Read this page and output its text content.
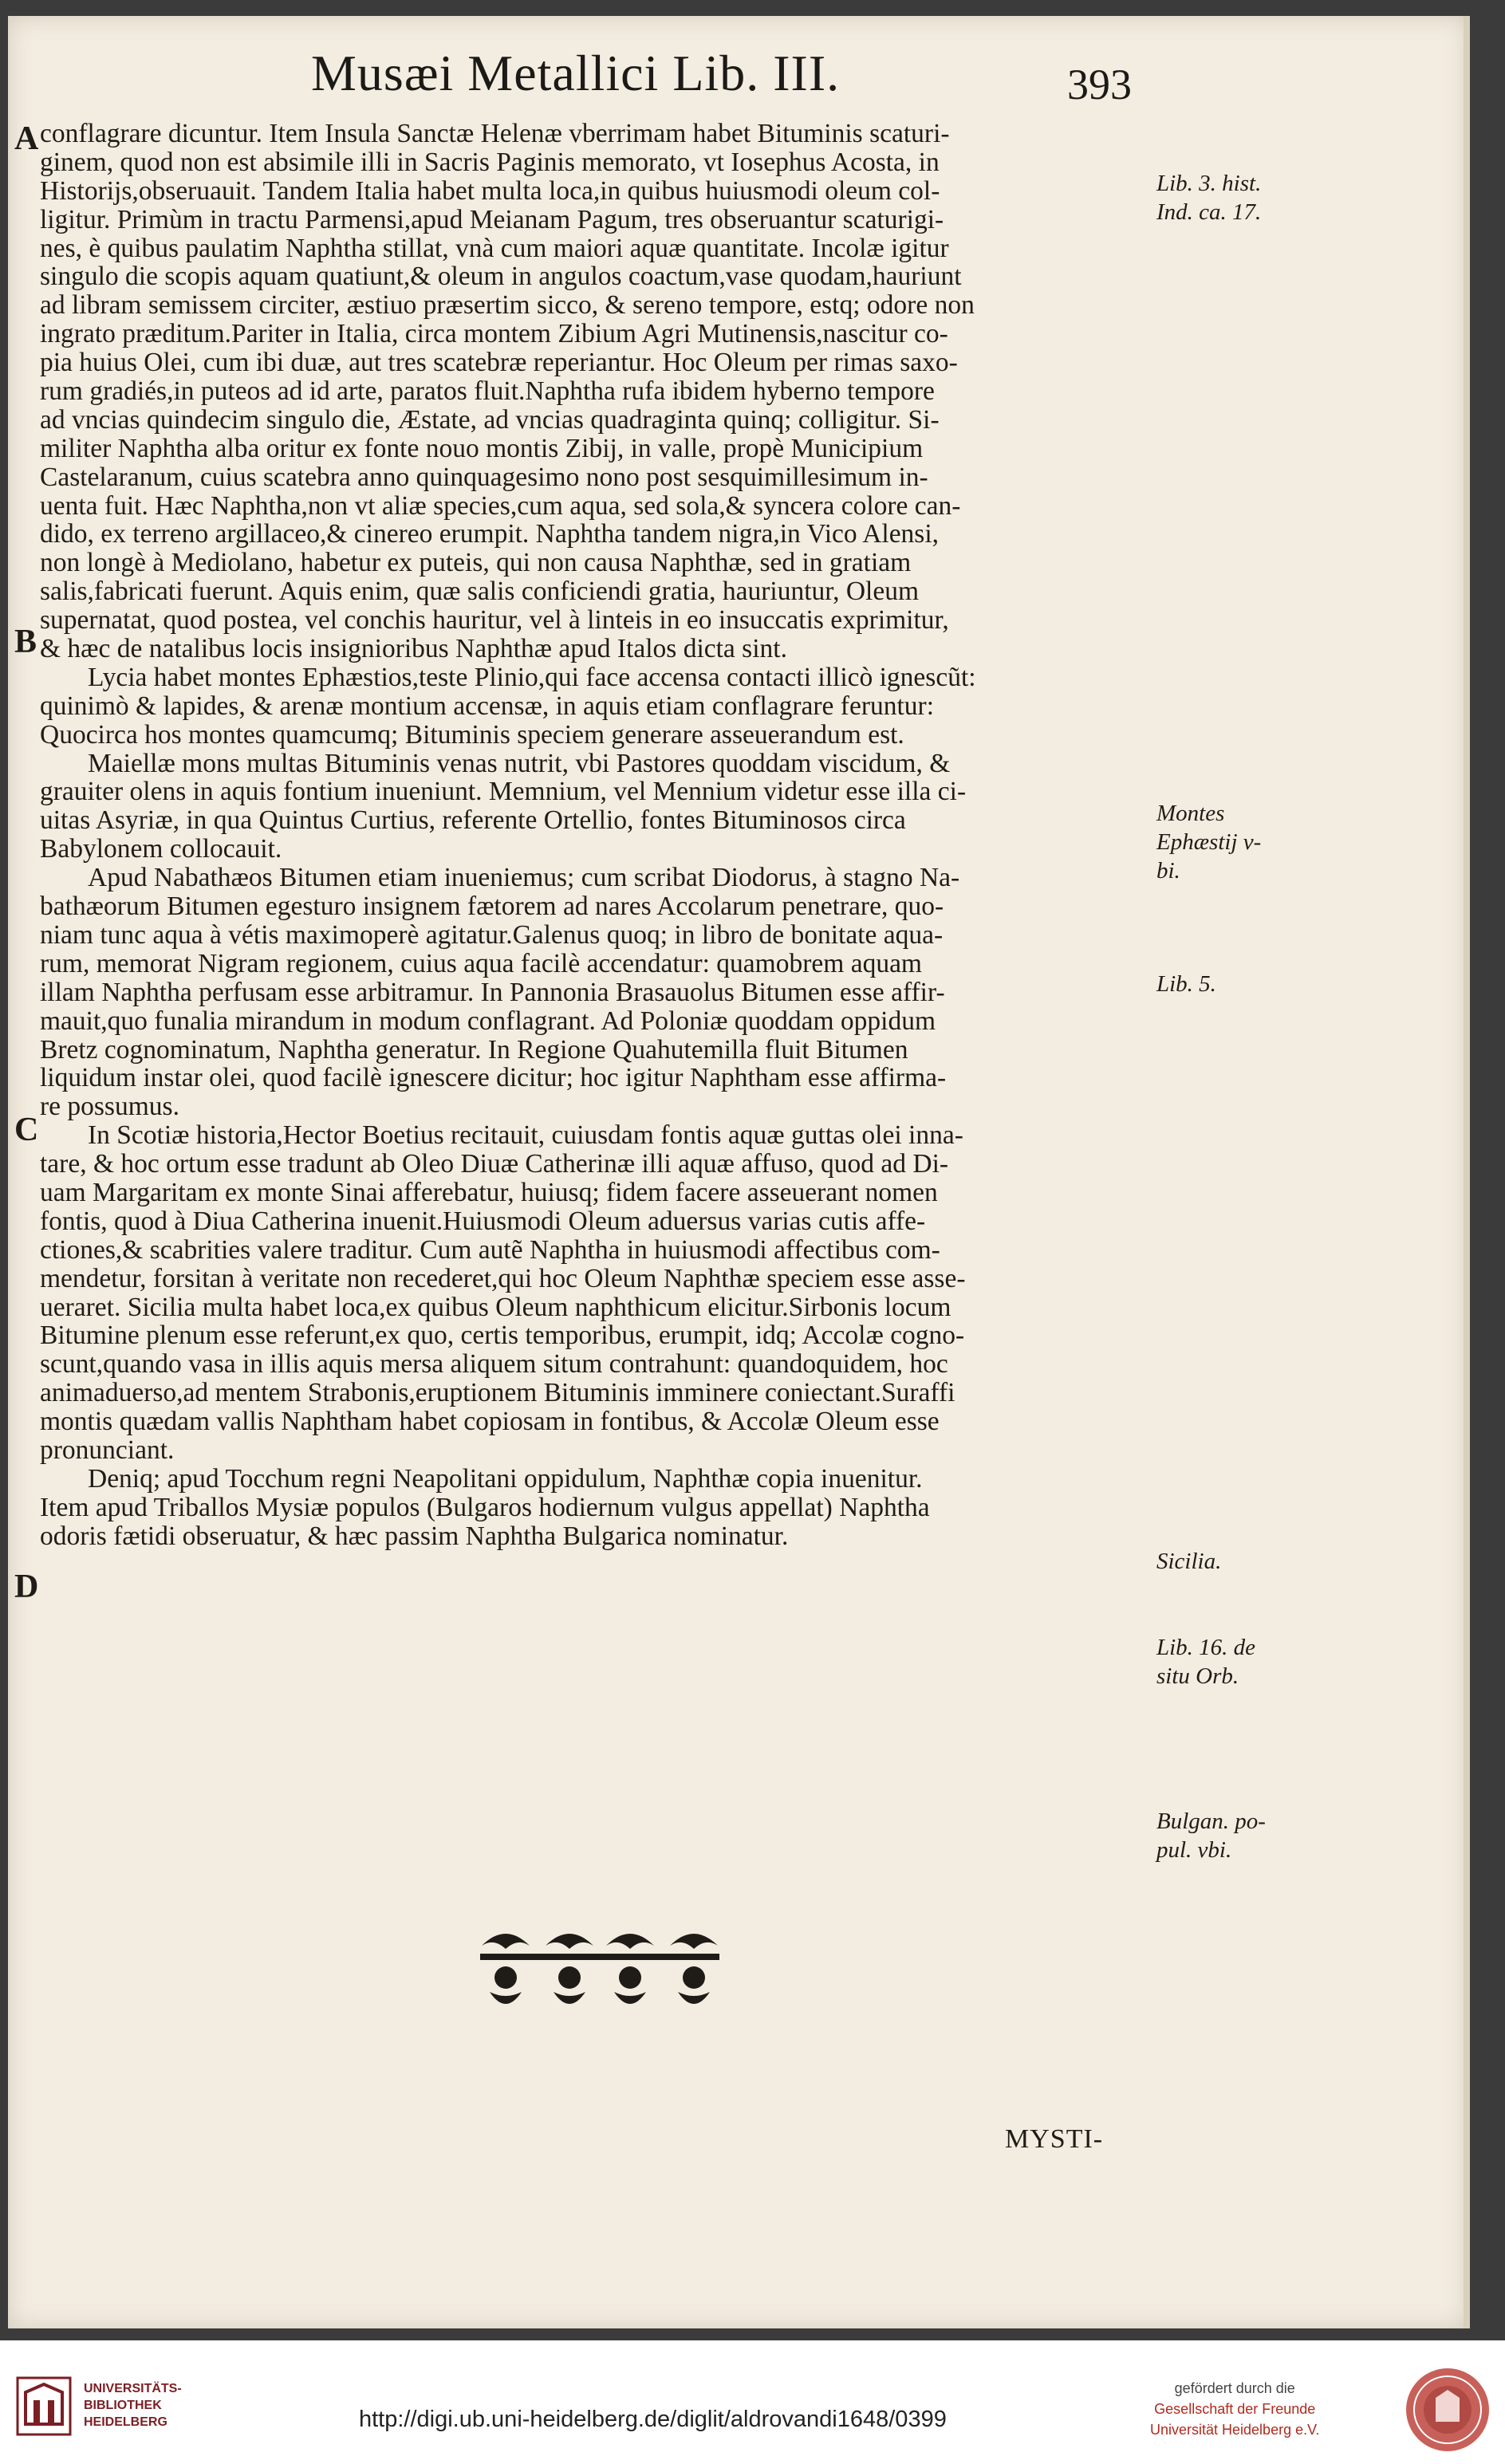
Musæi Metallici Lib. III.	393
A
B
C
D
conflagrare dicuntur. Item Insula Sanctæ Helenæ vberrimam habet Bituminis scaturi-
ginem, quod non est absimile illi in Sacris Paginis memorato, vt Iosephus Acosta, in
Historijs,obseruauit. Tandem Italia habet multa loca,in quibus huiusmodi oleum col-
ligitur. Primùm in tractu Parmensi,apud Meianam Pagum, tres obseruantur scaturigi-
nes, è quibus paulatim Naphtha stillat, vnà cum maiori aquæ quantitate. Incolæ igitur
singulo die scopis aquam quatiunt,& oleum in angulos coactum,vase quodam,hauriunt
ad libram semissem circiter, æstiuo præsertim sicco, & sereno tempore, estq; odore non
ingrato præditum.Pariter in Italia, circa montem Zibium Agri Mutinensis,nascitur co-
pia huius Olei, cum ibi duæ, aut tres scatebræ reperiantur. Hoc Oleum per rimas saxo-
rum gradiés,in puteos ad id arte, paratos fluit.Naphtha rufa ibidem hyberno tempore
ad vncias quindecim singulo die, Æstate, ad vncias quadraginta quinq; colligitur. Si-
militer Naphtha alba oritur ex fonte nouo montis Zibij, in valle, propè Municipium
Castelaranum, cuius scatebra anno quinquagesimo nono post sesquimillesimum in-
uenta fuit. Hæc Naphtha,non vt aliæ species,cum aqua, sed sola,& syncera colore can-
dido, ex terreno argillaceo,& cinereo erumpit. Naphtha tandem nigra,in Vico Alensi,
non longè à Mediolano, habetur ex puteis, qui non causa Naphthæ, sed in gratiam
salis,fabricati fuerunt. Aquis enim, quæ salis conficiendi gratia, hauriuntur, Oleum
supernatat, quod postea, vel conchis hauritur, vel à linteis in eo insuccatis exprimitur,
& hæc de natalibus locis insignioribus Naphthæ apud Italos dicta sint.
Lycia habet montes Ephæstios,teste Plinio,qui face accensa contacti illicò ignescũt:
quinimò & lapides, & arenæ montium accensæ, in aquis etiam conflagrare feruntur:
Quocirca hos montes quamcumq; Bituminis speciem generare asseuerandum est.
Maiellæ mons multas Bituminis venas nutrit, vbi Pastores quoddam viscidum, &
grauiter olens in aquis fontium inueniunt. Memnium, vel Mennium videtur esse illa ci-
uitas Asyriæ, in qua Quintus Curtius, referente Ortellio, fontes Bituminosos circa
Babylonem collocauit.
Apud Nabathæos Bitumen etiam inueniemus; cum scribat Diodorus, à stagno Na-
bathæorum Bitumen egesturo insignem fætorem ad nares Accolarum penetrare, quo-
niam tunc aqua à vétis maximoperè agitatur.Galenus quoq; in libro de bonitate aqua-
rum, memorat Nigram regionem, cuius aqua facilè accendatur: quamobrem aquam
illam Naphtha perfusam esse arbitramur. In Pannonia Brasauolus Bitumen esse affir-
mauit,quo funalia mirandum in modum conflagrant. Ad Poloniæ quoddam oppidum
Bretz cognominatum, Naphtha generatur. In Regione Quahutemilla fluit Bitumen
liquidum instar olei, quod facilè ignescere dicitur; hoc igitur Naphtham esse affirma-
re possumus.
In Scotiæ historia,Hector Boetius recitauit, cuiusdam fontis aquæ guttas olei inna-
tare, & hoc ortum esse tradunt ab Oleo Diuæ Catherinæ illi aquæ affuso, quod ad Di-
uam Margaritam ex monte Sinai afferebatur, huiusq; fidem facere asseuerant nomen
fontis, quod à Diua Catherina inuenit.Huiusmodi Oleum aduersus varias cutis affe-
ctiones,& scabrities valere traditur. Cum autẽ Naphtha in huiusmodi affectibus com-
mendetur, forsitan à veritate non recederet,qui hoc Oleum Naphthæ speciem esse asse-
ueraret. Sicilia multa habet loca,ex quibus Oleum naphthicum elicitur.Sirbonis locum
Bitumine plenum esse referunt,ex quo, certis temporibus, erumpit, idq; Accolæ cogno-
scunt,quando vasa in illis aquis mersa aliquem situm contrahunt: quandoquidem, hoc
animaduerso,ad mentem Strabonis,eruptionem Bituminis imminere coniectant.Suraffi
montis quædam vallis Naphtham habet copiosam in fontibus, & Accolæ Oleum esse
pronunciant.
Deniq; apud Tocchum regni Neapolitani oppidulum, Naphthæ copia inuenitur.
Item apud Triballos Mysiæ populos (Bulgaros hodiernum vulgus appellat) Naphtha
odoris fætidi obseruatur, & hæc passim Naphtha Bulgarica nominatur.
Lib. 3. hist.
Ind. ca. 17.
Montes
Ephæstij v-
bi.
Lib. 5.
Sicilia.
Lib. 16. de
situ Orb.
Bulgan. po-
pul. vbi.
MYSTI-
UNIVERSITÄTS-
BIBLIOTHEK
HEIDELBERG	http://digi.ub.uni-heidelberg.de/diglit/aldrovandi1648/0399
gefördert durch die
Gesellschaft der Freunde
Universität Heidelberg e.V.
